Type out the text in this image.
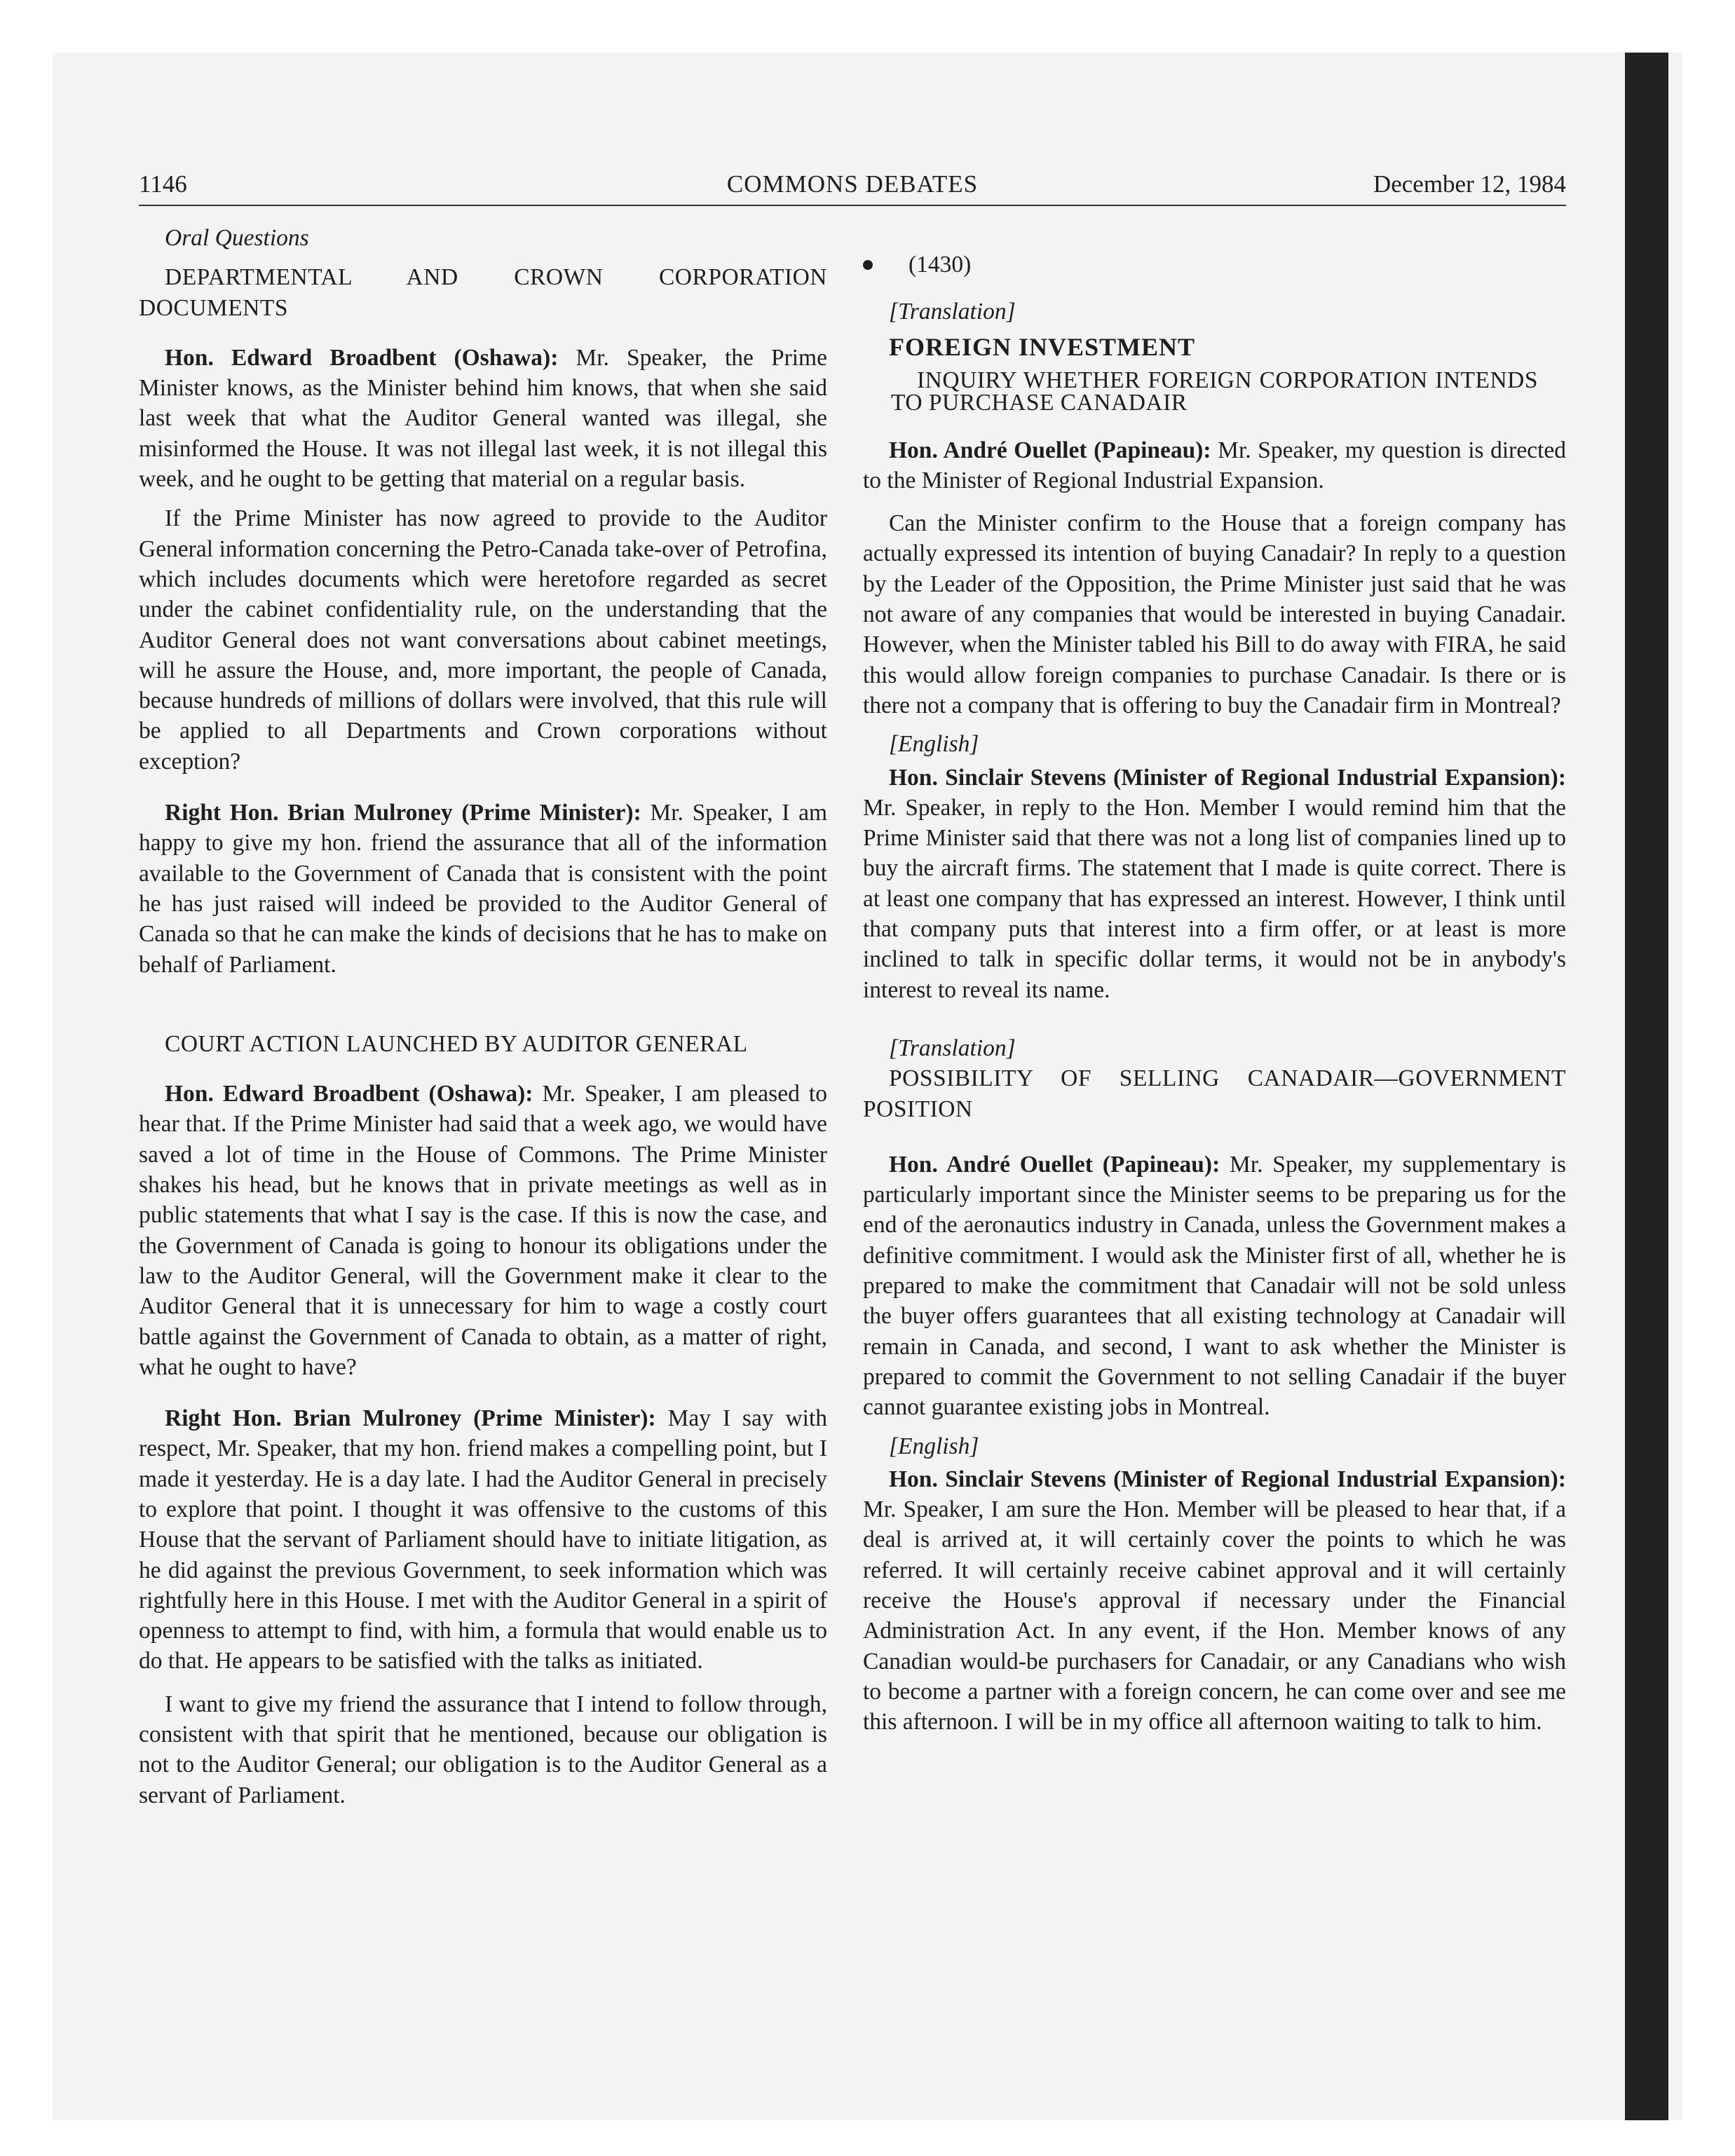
1146	COMMONS DEBATES	December 12, 1984

Oral Questions

DEPARTMENTAL AND CROWN CORPORATION DOCUMENTS

Hon. Edward Broadbent (Oshawa): Mr. Speaker, the Prime Minister knows, as the Minister behind him knows, that when she said last week that what the Auditor General wanted was illegal, she misinformed the House. It was not illegal last week, it is not illegal this week, and he ought to be getting that material on a regular basis.

If the Prime Minister has now agreed to provide to the Auditor General information concerning the Petro-Canada take-over of Petrofina, which includes documents which were heretofore regarded as secret under the cabinet confidentiality rule, on the understanding that the Auditor General does not want conversations about cabinet meetings, will he assure the House, and, more important, the people of Canada, because hundreds of millions of dollars were involved, that this rule will be applied to all Departments and Crown corporations without exception?

Right Hon. Brian Mulroney (Prime Minister): Mr. Speaker, I am happy to give my hon. friend the assurance that all of the information available to the Government of Canada that is consistent with the point he has just raised will indeed be provided to the Auditor General of Canada so that he can make the kinds of decisions that he has to make on behalf of Parliament.

COURT ACTION LAUNCHED BY AUDITOR GENERAL

Hon. Edward Broadbent (Oshawa): Mr. Speaker, I am pleased to hear that. If the Prime Minister had said that a week ago, we would have saved a lot of time in the House of Commons. The Prime Minister shakes his head, but he knows that in private meetings as well as in public statements that what I say is the case. If this is now the case, and the Government of Canada is going to honour its obligations under the law to the Auditor General, will the Government make it clear to the Auditor General that it is unnecessary for him to wage a costly court battle against the Government of Canada to obtain, as a matter of right, what he ought to have?

Right Hon. Brian Mulroney (Prime Minister): May I say with respect, Mr. Speaker, that my hon. friend makes a compelling point, but I made it yesterday. He is a day late. I had the Auditor General in precisely to explore that point. I thought it was offensive to the customs of this House that the servant of Parliament should have to initiate litigation, as he did against the previous Government, to seek information which was rightfully here in this House. I met with the Auditor General in a spirit of openness to attempt to find, with him, a formula that would enable us to do that. He appears to be satisfied with the talks as initiated.

I want to give my friend the assurance that I intend to follow through, consistent with that spirit that he mentioned, because our obligation is not to the Auditor General; our obligation is to the Auditor General as a servant of Parliament.

(1430)

[Translation]

FOREIGN INVESTMENT

INQUIRY WHETHER FOREIGN CORPORATION INTENDS TO PURCHASE CANADAIR

Hon. André Ouellet (Papineau): Mr. Speaker, my question is directed to the Minister of Regional Industrial Expansion.

Can the Minister confirm to the House that a foreign company has actually expressed its intention of buying Canadair? In reply to a question by the Leader of the Opposition, the Prime Minister just said that he was not aware of any companies that would be interested in buying Canadair. However, when the Minister tabled his Bill to do away with FIRA, he said this would allow foreign companies to purchase Canadair. Is there or is there not a company that is offering to buy the Canadair firm in Montreal?

[English]

Hon. Sinclair Stevens (Minister of Regional Industrial Expansion): Mr. Speaker, in reply to the Hon. Member I would remind him that the Prime Minister said that there was not a long list of companies lined up to buy the aircraft firms. The statement that I made is quite correct. There is at least one company that has expressed an interest. However, I think until that company puts that interest into a firm offer, or at least is more inclined to talk in specific dollar terms, it would not be in anybody's interest to reveal its name.

[Translation]

POSSIBILITY OF SELLING CANADAIR—GOVERNMENT POSITION

Hon. André Ouellet (Papineau): Mr. Speaker, my supplementary is particularly important since the Minister seems to be preparing us for the end of the aeronautics industry in Canada, unless the Government makes a definitive commitment. I would ask the Minister first of all, whether he is prepared to make the commitment that Canadair will not be sold unless the buyer offers guarantees that all existing technology at Canadair will remain in Canada, and second, I want to ask whether the Minister is prepared to commit the Government to not selling Canadair if the buyer cannot guarantee existing jobs in Montreal.

[English]

Hon. Sinclair Stevens (Minister of Regional Industrial Expansion): Mr. Speaker, I am sure the Hon. Member will be pleased to hear that, if a deal is arrived at, it will certainly cover the points to which he was referred. It will certainly receive cabinet approval and it will certainly receive the House's approval if necessary under the Financial Administration Act. In any event, if the Hon. Member knows of any Canadian would-be purchasers for Canadair, or any Canadians who wish to become a partner with a foreign concern, he can come over and see me this afternoon. I will be in my office all afternoon waiting to talk to him.
